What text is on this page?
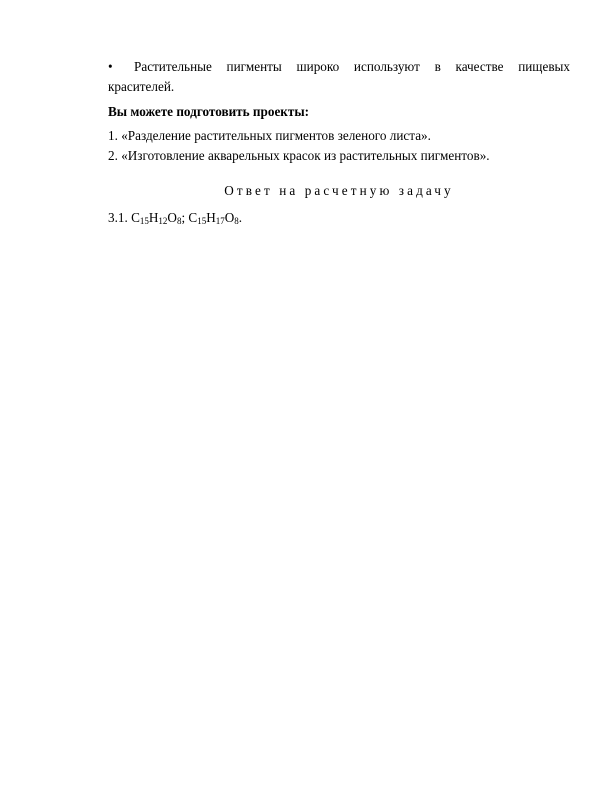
• Растительные пигменты широко используют в качестве пищевых красителей.

Вы можете подготовить проекты:

1. «Разделение растительных пигментов зеленого листа».

2. «Изготовление акварельных красок из растительных пигментов».

Ответ на расчетную задачу

3.1. $C_{15}H_{12}O_8$; $C_{15}H_{17}O_8$.
